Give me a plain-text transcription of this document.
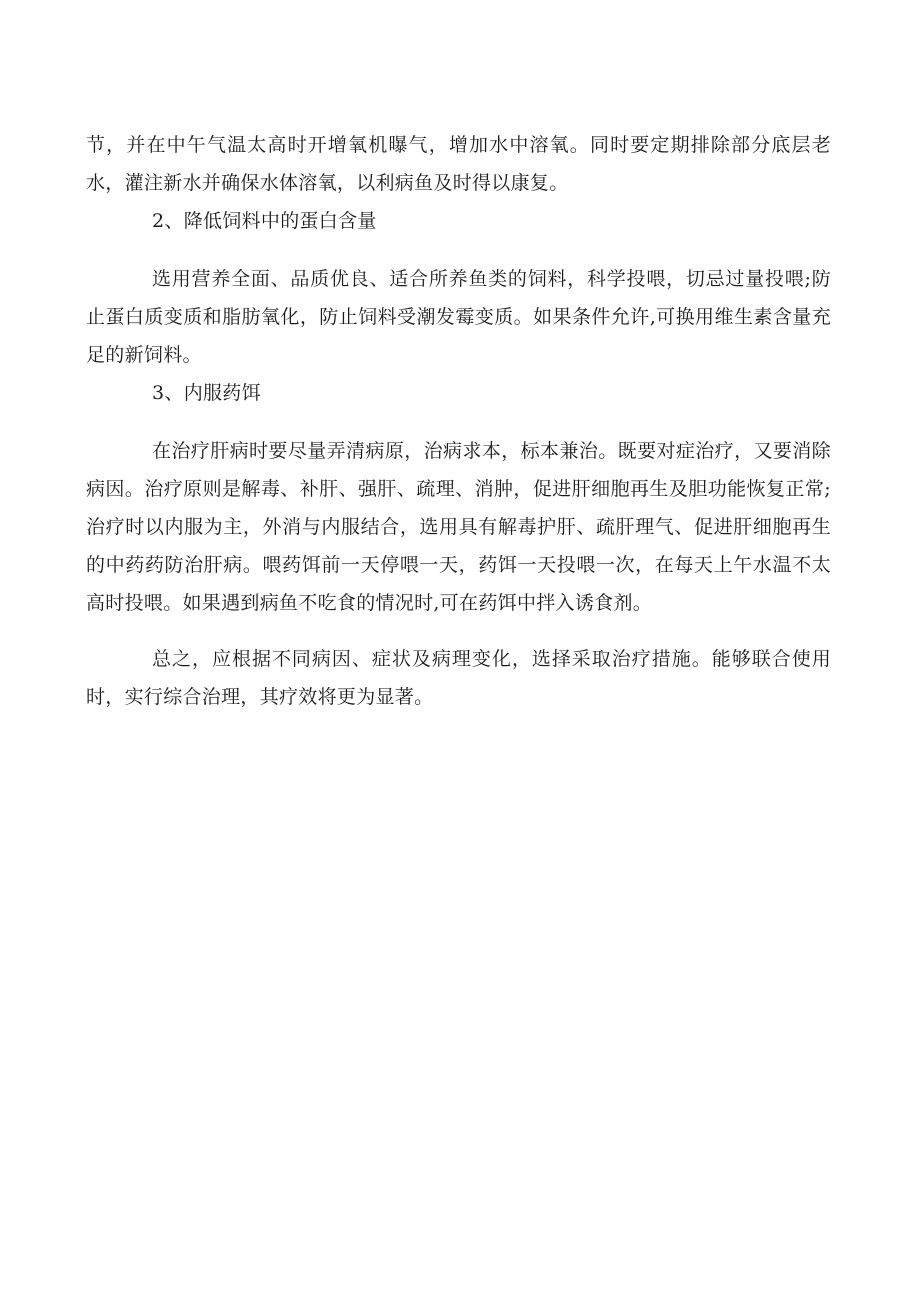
节，并在中午气温太高时开增氧机曝气，增加水中溶氧。同时要定期排除部分底层老水，灌注新水并确保水体溶氧，以利病鱼及时得以康复。

2、降低饲料中的蛋白含量

选用营养全面、品质优良、适合所养鱼类的饲料，科学投喂，切忌过量投喂;防止蛋白质变质和脂肪氧化，防止饲料受潮发霉变质。如果条件允许,可换用维生素含量充足的新饲料。

3、内服药饵

在治疗肝病时要尽量弄清病原，治病求本，标本兼治。既要对症治疗，又要消除病因。治疗原则是解毒、补肝、强肝、疏理、消肿，促进肝细胞再生及胆功能恢复正常;治疗时以内服为主，外消与内服结合，选用具有解毒护肝、疏肝理气、促进肝细胞再生的中药药防治肝病。喂药饵前一天停喂一天，药饵一天投喂一次，在每天上午水温不太高时投喂。如果遇到病鱼不吃食的情况时,可在药饵中拌入诱食剂。

总之，应根据不同病因、症状及病理变化，选择采取治疗措施。能够联合使用时，实行综合治理，其疗效将更为显著。
